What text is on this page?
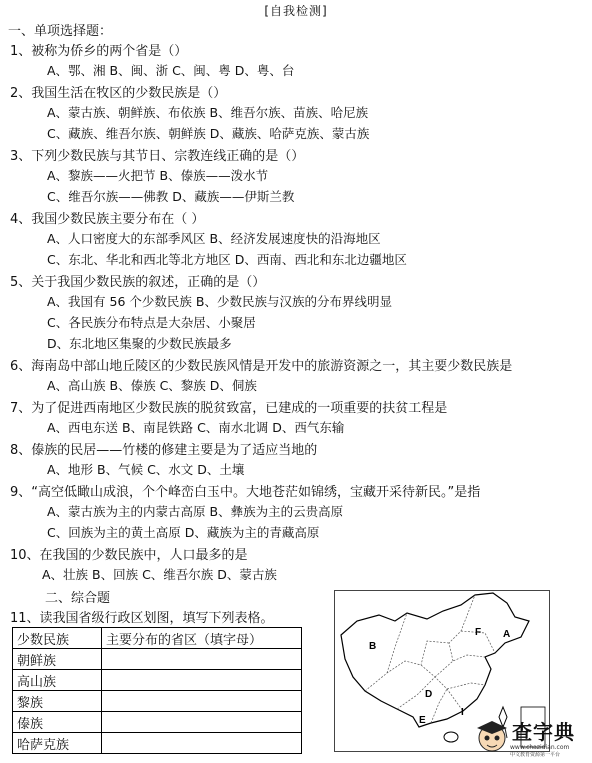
[自我检测]
一、单项选择题：
1、被称为侨乡的两个省是（）
A、鄂、湘 B、闽、浙 C、闽、粤 D、粤、台
2、我国生活在牧区的少数民族是（）
A、蒙古族、朝鲜族、布依族 B、维吾尔族、苗族、哈尼族
C、藏族、维吾尔族、朝鲜族 D、藏族、哈萨克族、蒙古族
3、下列少数民族与其节日、宗教连线正确的是（）
A、黎族——火把节 B、傣族——泼水节
C、维吾尔族——佛教 D、藏族——伊斯兰教
4、我国少数民族主要分布在（ ）
A、人口密度大的东部季风区 B、经济发展速度快的沿海地区
C、东北、华北和西北等北方地区 D、西南、西北和东北边疆地区
5、关于我国少数民族的叙述，正确的是（）
A、我国有 56 个少数民族 B、少数民族与汉族的分布界线明显
C、各民族分布特点是大杂居、小聚居
D、东北地区集聚的少数民族最多
6、海南岛中部山地丘陵区的少数民族风情是开发中的旅游资源之一，其主要少数民族是
A、高山族 B、傣族 C、黎族 D、侗族
7、为了促进西南地区少数民族的脱贫致富，已建成的一项重要的扶贫工程是
A、西电东送 B、南昆铁路 C、南水北调 D、西气东输
8、傣族的民居——竹楼的修建主要是为了适应当地的
A、地形 B、气候 C、水文 D、土壤
9、“高空低瞰山成浪，个个峰峦白玉中。大地苍茫如锦绣，宝藏开采待新民。”是指
A、蒙古族为主的内蒙古高原 B、彝族为主的云贵高原
C、回族为主的黄土高原 D、藏族为主的青藏高原
10、在我国的少数民族中，人口最多的是
A、壮族 B、回族 C、维吾尔族 D、蒙古族
二、综合题
11、读我国省级行政区划图，填写下列表格。
少数民族	主要分布的省区（填字母）
朝鲜族	
高山族	
黎族	
傣族	
哈萨克族	
B
F A
D
I
E	查字典
www.chazidian.com
中文教育资源第一平台
